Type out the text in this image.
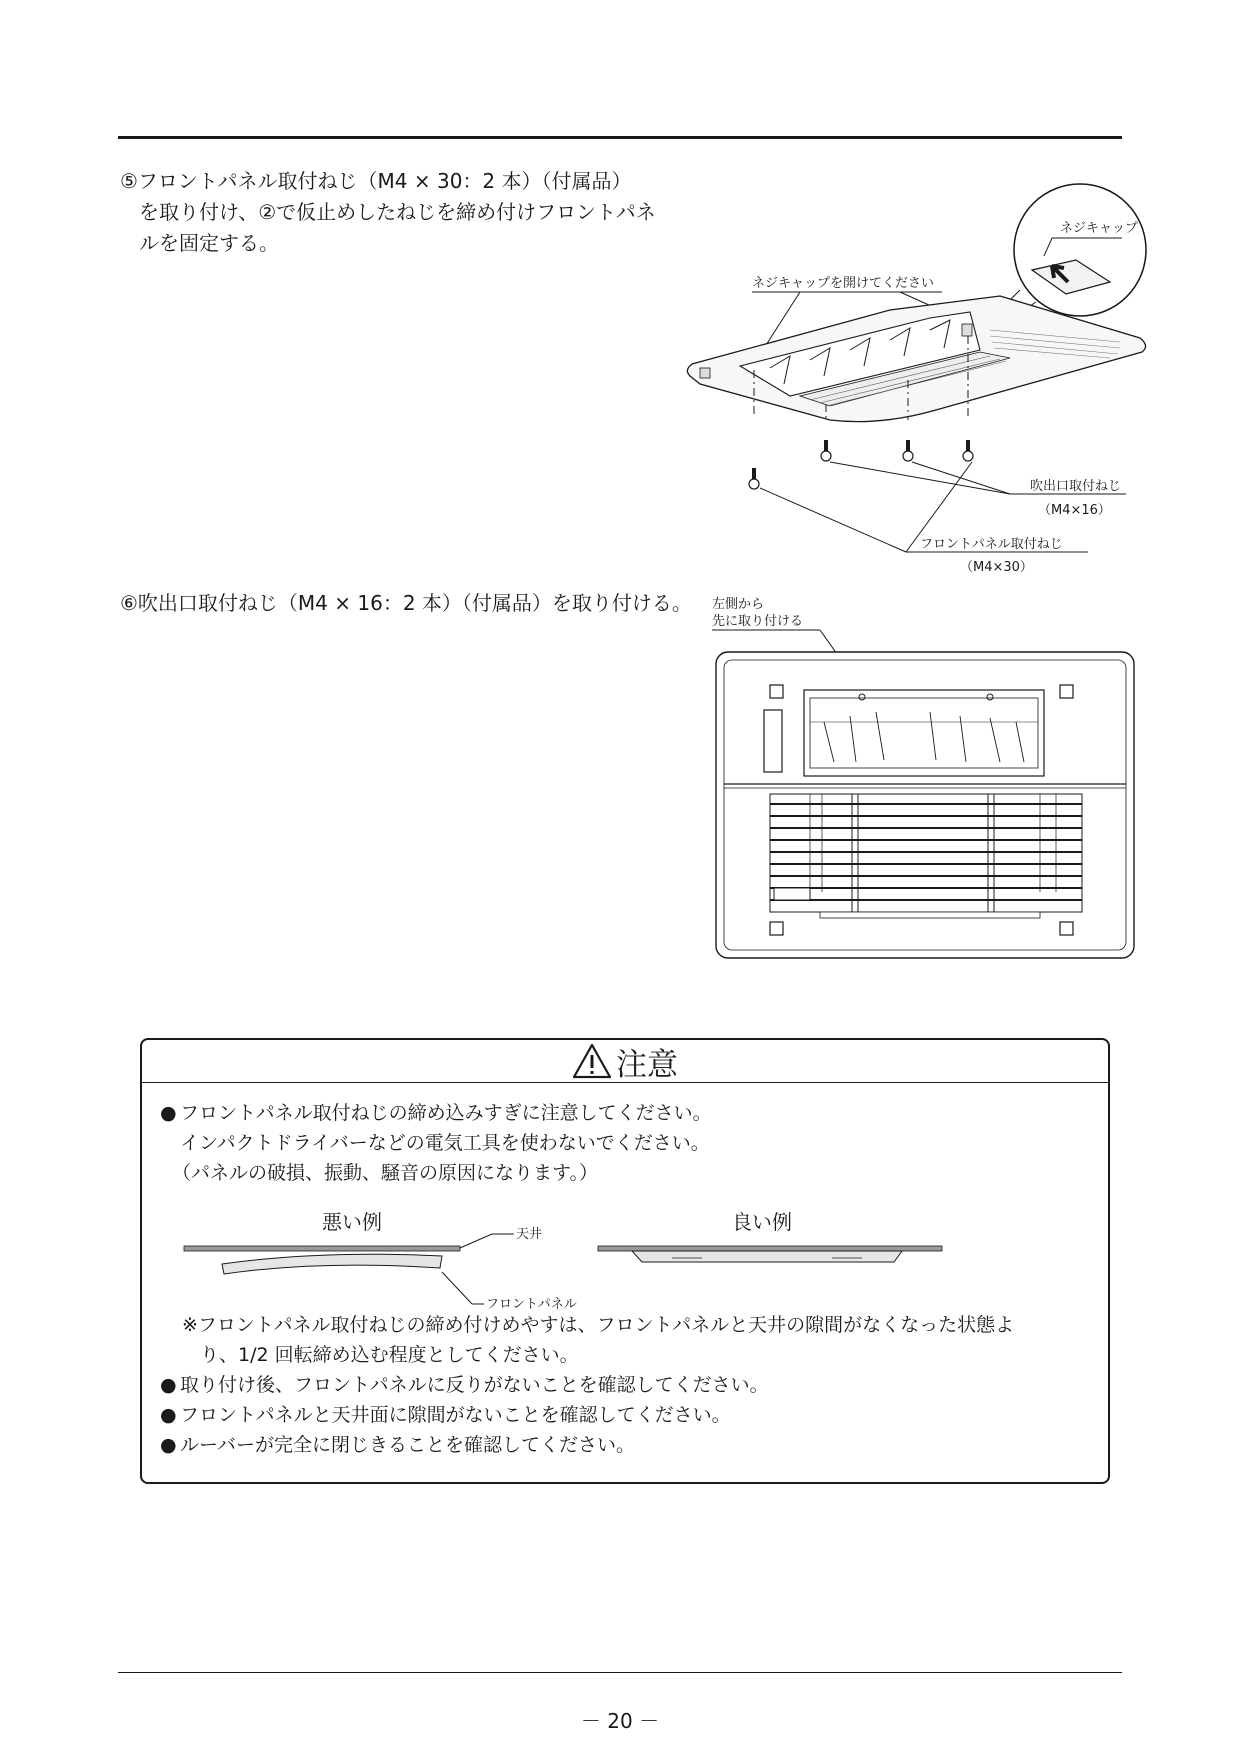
⑤フロントパネル取付ねじ（M4 × 30：2 本）（付属品）
を取り付け、②で仮止めしたねじを締め付けフロントパネ
ルを固定する。
ネジキャップ
ネジキャップを開けてください
吹出口取付ねじ
（M4×16）
フロントパネル取付ねじ
（M4×30）
⑥吹出口取付ねじ（M4 × 16：2 本）（付属品）を取り付ける。 左側から
先に取り付ける
注意
● フロントパネル取付ねじの締め込みすぎに注意してください。
インパクトドライバーなどの電気工具を使わないでください。
（パネルの破損、振動、騒音の原因になります。）
悪い例	良い例
天井
フロントパネル
※フロントパネル取付ねじの締め付けめやすは、フロントパネルと天井の隙間がなくなった状態よ
り、1/2 回転締め込む程度としてください。
● 取り付け後、フロントパネルに反りがないことを確認してください。
● フロントパネルと天井面に隙間がないことを確認してください。
● ルーバーが完全に閉じきることを確認してください。
－ 20 －
